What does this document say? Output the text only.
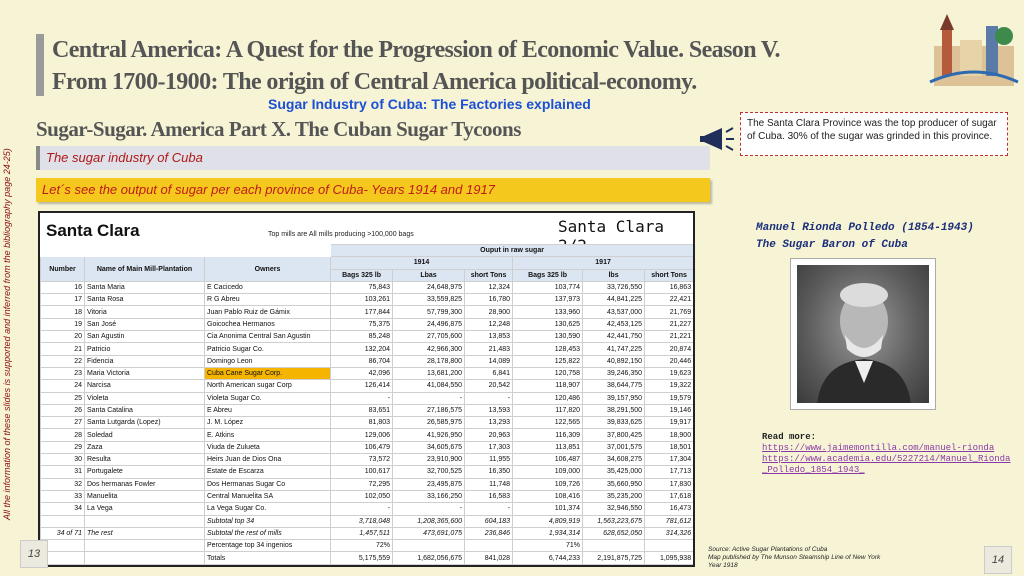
All the information of these slides is supported and inferred from the bibliography page 24-25)
Central America: A Quest for the Progression of Economic Value. Season V.
From 1700-1900: The origin of Central America political-economy.
Sugar Industry of Cuba: The Factories explained
Sugar-Sugar. America Part X. The Cuban Sugar Tycoons	The Santa Clara Province was the top producer of sugar of Cuba. 30% of the sugar was grinded in this province.
The sugar industry of Cuba
Let´s see the output of sugar per each province of Cuba- Years 1914 and 1917
Santa Clara	Top mills are All mills producing >100,000 bags	Santa Clara
			Ouput in raw sugar					
Number	Name of Main Mill-Plantation	Owners	1914			1917		
			Bags 325 lb	Lbas	short Tons	Bags 325 lb	lbs	short Tons
16	Santa Maria	E Cacicedo	75,843	24,648,975	12,324	103,774	33,726,550	16,863
17	Santa Rosa	R G Abreu	103,261	33,559,825	16,780	137,973	44,841,225	22,421
18	Vitoria	Juan Pablo Ruiz de Gámix	177,844	57,799,300	28,900	133,960	43,537,000	21,769
19	San José	Goicochea Hermanos	75,375	24,496,875	12,248	130,625	42,453,125	21,227
20	San Agustin	Cia Anonima Central San Agustin	85,248	27,705,600	13,853	130,590	42,441,750	21,221
21	Patricio	Patricio Sugar Co.	132,204	42,966,300	21,483	128,453	41,747,225	20,874
22	Fidencia	Domingo Leon	86,704	28,178,800	14,089	125,822	40,892,150	20,446
23	Maria Victoria	Cuba Cane Sugar Corp.	42,096	13,681,200	6,841	120,758	39,246,350	19,623
24	Narcisa	North American sugar Corp	126,414	41,084,550	20,542	118,907	38,644,775	19,322
25	Violeta	Violeta Sugar Co.	-	-	-	120,486	39,157,950	19,579
26	Santa Catalina	E Abreu	83,651	27,186,575	13,593	117,820	38,291,500	19,146
27	Santa Lutgarda (Lopez)	J. M. López	81,803	26,585,975	13,293	122,565	39,833,625	19,917
28	Soledad	E. Atkins	129,006	41,926,950	20,963	116,309	37,800,425	18,900
29	Zaza	Viuda de Zulueta	106,479	34,605,675	17,303	113,851	37,001,575	18,501
30	Resulta	Heirs Juan de Dios Ona	73,572	23,910,900	11,955	106,487	34,608,275	17,304
31	Portugalete	Estate de Escarza	100,617	32,700,525	16,350	109,000	35,425,000	17,713
32	Dos hermanas Fowler	Dos Hermanas Sugar Co	72,295	23,495,875	11,748	109,726	35,660,950	17,830
33	Manuelita	Central Manuelita SA	102,050	33,166,250	16,583	108,416	35,235,200	17,618
34	La Vega	La Vega Sugar Co.	-	-	-	101,374	32,946,550	16,473
		Subtotal top 34	3,718,048	1,208,365,600	604,183	4,809,919	1,563,223,675	781,612
34 of 71	The rest	Subtotal the rest of mills	1,457,511	473,691,075	236,846	1,934,314	628,652,050	314,326
		Percentage top 34 ingenios	72%			71%		
		Totals	5,175,559	1,682,056,675	841,028	6,744,233	2,191,875,725	1,095,938
Manuel Rionda Polledo (1854-1943)
The Sugar Baron of Cuba
Read more:
https://www.jaimemontilla.com/manuel-rionda
https://www.academia.edu/5227214/Manuel_Rionda_Polledo_1854_1943_
Source: Active Sugar Plantations of Cuba
Map published by The Munson Steamship Line of New York
Year 1918
13	14
